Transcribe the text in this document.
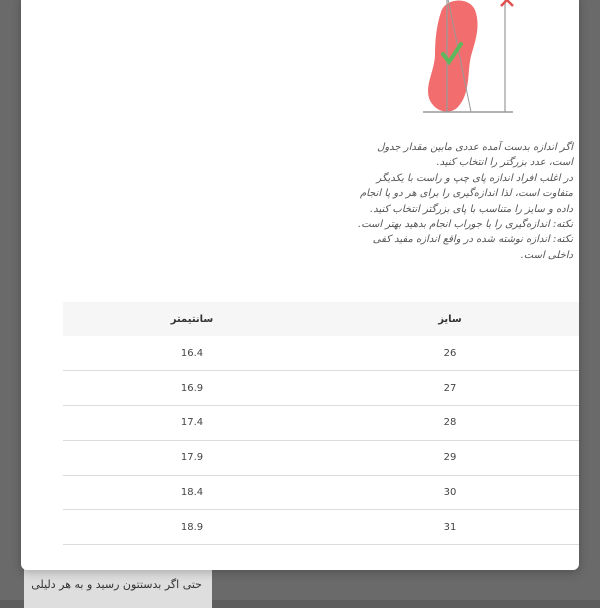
حتی اگر بدستتون رسید و به هر دلیلی

اگر اندازه بدست آمده عددی مابین مقدار جدول است، عدد بزرگتر را انتخاب کنید.

در اغلب افراد اندازه پای چپ و راست با یکدیگر متفاوت است، لذا اندازه‌گیری را برای هر دو پا انجام داده و سایز را متناسب با پای بزرگتر انتخاب کنید.

نکته: اندازه‌گیری را با جوراب انجام بدهید بهتر است.

نکته: اندازه نوشته شده در واقع اندازه مفید کفی داخلی است.

سایز	سانتیمتر
26	16.4
27	16.9
28	17.4
29	17.9
30	18.4
31	18.9
